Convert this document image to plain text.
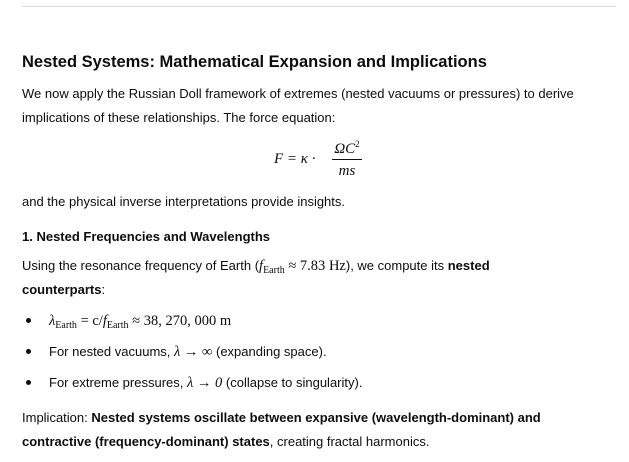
Nested Systems: Mathematical Expansion and Implications

We now apply the Russian Doll framework of extremes (nested vacuums or pressures) to derive
implications of these relationships. The force equation:

F = κ ·
$\Omega C^2$
ms

and the physical inverse interpretations provide insights.

1. Nested Frequencies and Wavelengths

Using the resonance frequency of Earth ($f_{Earth} \approx 7.83$ Hz), we compute its nested
counterparts:

$\lambda_{Earth} = c/f_{Earth} \approx 38$, 270, 000 m
For nested vacuums, λ → ∞ (expanding space).
For extreme pressures, λ → 0 (collapse to singularity).

Implication: Nested systems oscillate between expansive (wavelength-dominant) and
contractive (frequency-dominant) states, creating fractal harmonics.
